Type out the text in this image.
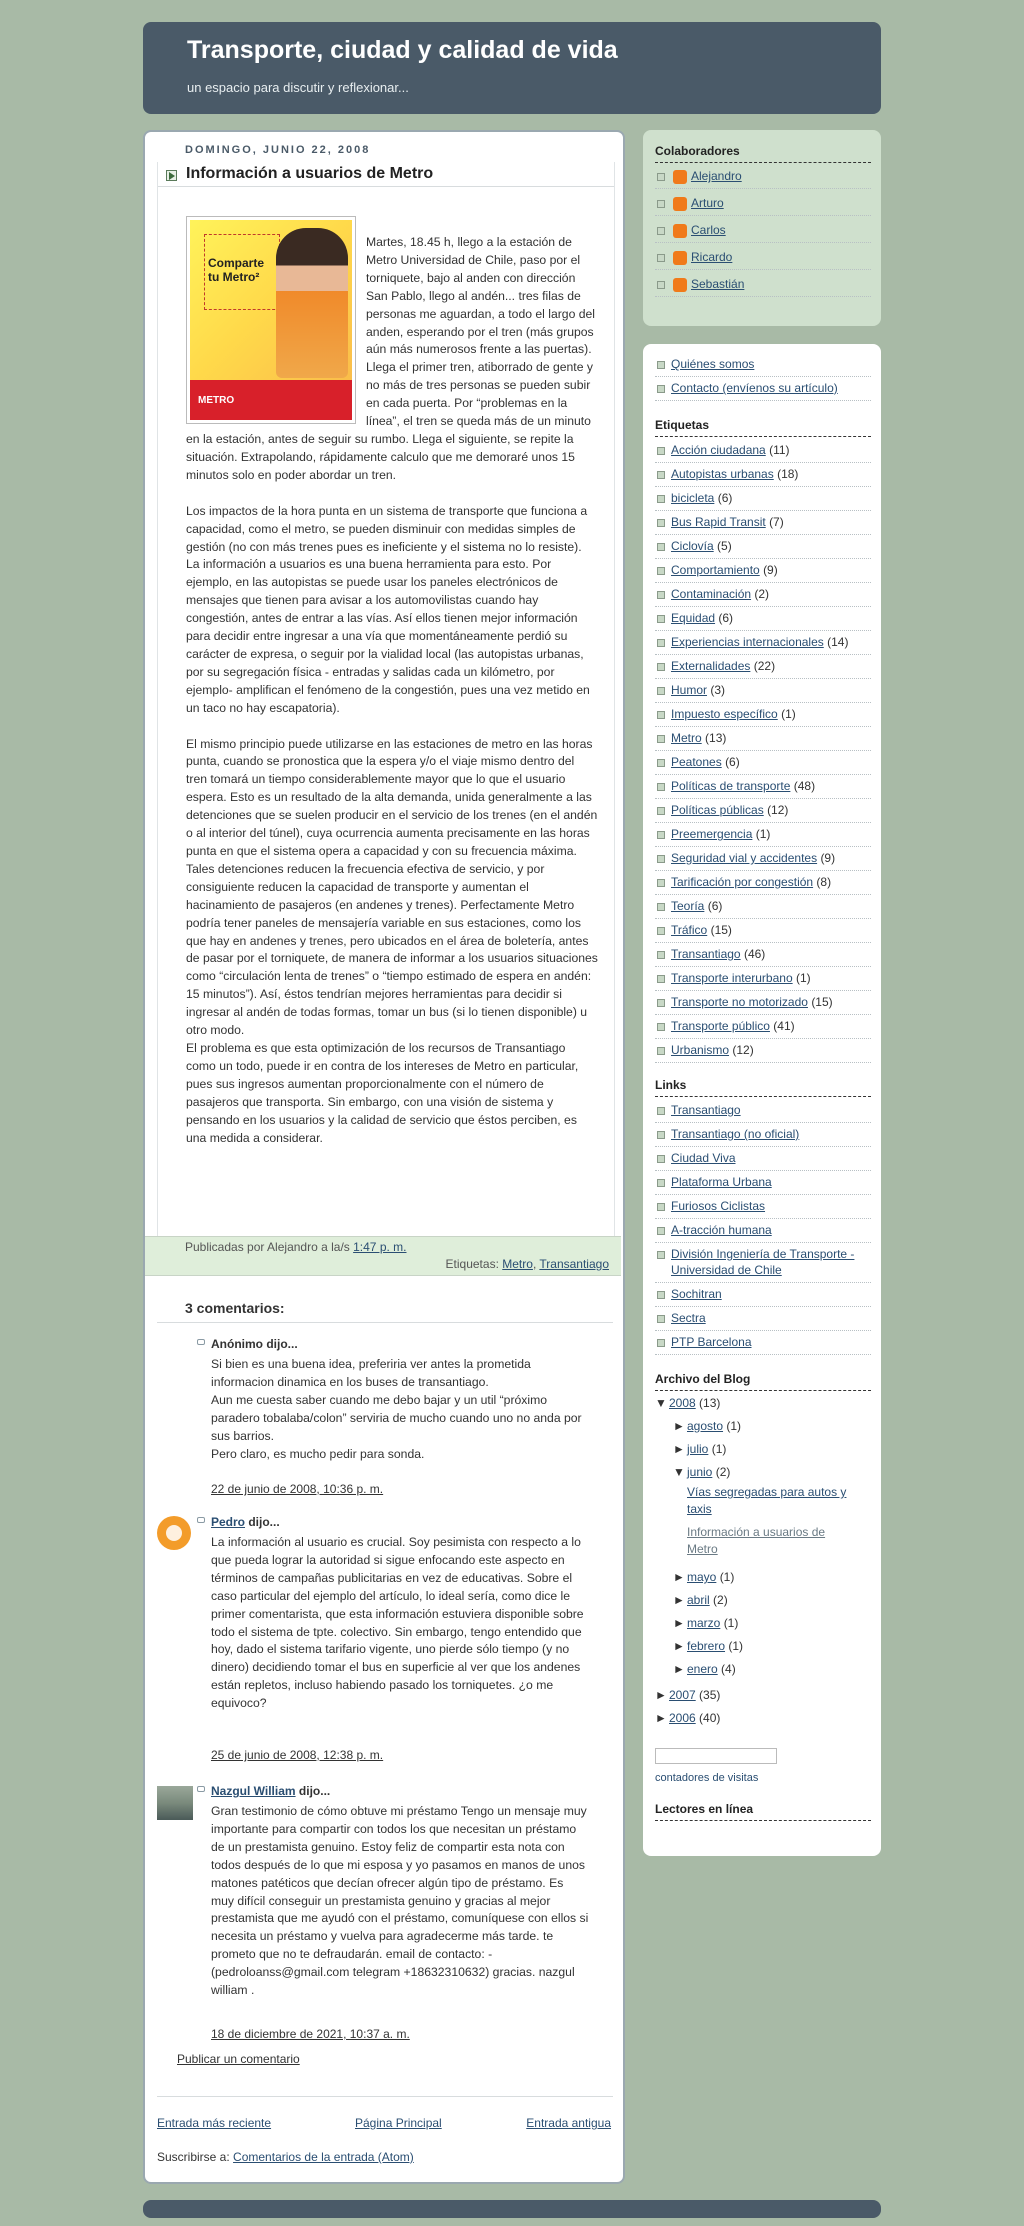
Transporte, ciudad y calidad de vida
un espacio para discutir y reflexionar...
DOMINGO, JUNIO 22, 2008
Información a usuarios de Metro
Comparte
tu Metro²
METRO

Martes, 18.45 h, llego a la estación de Metro Universidad de Chile, paso por el torniquete, bajo al anden con dirección San Pablo, llego al andén... tres filas de personas me aguardan, a todo el largo del anden, esperando por el tren (más grupos aún más numerosos frente a las puertas). Llega el primer tren, atiborrado de gente y no más de tres personas se pueden subir en cada puerta. Por “problemas en la línea”, el tren se queda más de un minuto en la estación, antes de seguir su rumbo. Llega el siguiente, se repite la situación. Extrapolando, rápidamente calculo que me demoraré unos 15 minutos solo en poder abordar un tren.

Los impactos de la hora punta en un sistema de transporte que funciona a capacidad, como el metro, se pueden disminuir con medidas simples de gestión (no con más trenes pues es ineficiente y el sistema no lo resiste). La información a usuarios es una buena herramienta para esto. Por ejemplo, en las autopistas se puede usar los paneles electrónicos de mensajes que tienen para avisar a los automovilistas cuando hay congestión, antes de entrar a las vías. Así ellos tienen mejor información para decidir entre ingresar a una vía que momentáneamente perdió su carácter de expresa, o seguir por la vialidad local (las autopistas urbanas, por su segregación física - entradas y salidas cada un kilómetro, por ejemplo- amplifican el fenómeno de la congestión, pues una vez metido en un taco no hay escapatoria).

El mismo principio puede utilizarse en las estaciones de metro en las horas punta, cuando se pronostica que la espera y/o el viaje mismo dentro del tren tomará un tiempo considerablemente mayor que lo que el usuario espera. Esto es un resultado de la alta demanda, unida generalmente a las detenciones que se suelen producir en el servicio de los trenes (en el andén o al interior del túnel), cuya ocurrencia aumenta precisamente en las horas punta en que el sistema opera a capacidad y con su frecuencia máxima. Tales detenciones reducen la frecuencia efectiva de servicio, y por consiguiente reducen la capacidad de transporte y aumentan el hacinamiento de pasajeros (en andenes y trenes). Perfectamente Metro podría tener paneles de mensajería variable en sus estaciones, como los que hay en andenes y trenes, pero ubicados en el área de boletería, antes de pasar por el torniquete, de manera de informar a los usuarios situaciones como “circulación lenta de trenes” o “tiempo estimado de espera en andén: 15 minutos”). Así, éstos tendrían mejores herramientas para decidir si ingresar al andén de todas formas, tomar un bus (si lo tienen disponible) u otro modo.

El problema es que esta optimización de los recursos de Transantiago como un todo, puede ir en contra de los intereses de Metro en particular, pues sus ingresos aumentan proporcionalmente con el número de pasajeros que transporta. Sin embargo, con una visión de sistema y pensando en los usuarios y la calidad de servicio que éstos perciben, es una medida a considerar.

Publicadas por Alejandro a la/s 1:47 p. m.
Etiquetas: Metro, Transantiago
3 comentarios:
Anónimo dijo...
Si bien es una buena idea, preferiria ver antes la prometida informacion dinamica en los buses de transantiago.
Aun me cuesta saber cuando me debo bajar y un util “próximo paradero tobalaba/colon” serviria de mucho cuando uno no anda por sus barrios.
Pero claro, es mucho pedir para sonda.
22 de junio de 2008, 10:36 p. m.
Pedro dijo...
La información al usuario es crucial. Soy pesimista con respecto a lo que pueda lograr la autoridad si sigue enfocando este aspecto en términos de campañas publicitarias en vez de educativas. Sobre el caso particular del ejemplo del artículo, lo ideal sería, como dice le primer comentarista, que esta información estuviera disponible sobre todo el sistema de tpte. colectivo. Sin embargo, tengo entendido que hoy, dado el sistema tarifario vigente, uno pierde sólo tiempo (y no dinero) decidiendo tomar el bus en superficie al ver que los andenes están repletos, incluso habiendo pasado los torniquetes. ¿o me equivoco?
25 de junio de 2008, 12:38 p. m.
Nazgul William dijo...
Gran testimonio de cómo obtuve mi préstamo Tengo un mensaje muy importante para compartir con todos los que necesitan un préstamo de un prestamista genuino. Estoy feliz de compartir esta nota con todos después de lo que mi esposa y yo pasamos en manos de unos matones patéticos que decían ofrecer algún tipo de préstamo. Es muy difícil conseguir un prestamista genuino y gracias al mejor prestamista que me ayudó con el préstamo, comuníquese con ellos si necesita un préstamo y vuelva para agradecerme más tarde. te prometo que no te defraudarán. email de contacto: - (pedroloanss@gmail.com telegram +18632310632) gracias. nazgul william .
18 de diciembre de 2021, 10:37 a. m.
Publicar un comentario
Entrada más reciente	Página Principal	Entrada antigua
Suscribirse a: Comentarios de la entrada (Atom)
Colaboradores
Alejandro
Arturo
Carlos
Ricardo
Sebastián
Quiénes somos
Contacto (envíenos su artículo)
Etiquetas
Acción ciudadana (11)
Autopistas urbanas (18)
bicicleta (6)
Bus Rapid Transit (7)
Ciclovía (5)
Comportamiento (9)
Contaminación (2)
Equidad (6)
Experiencias internacionales (14)
Externalidades (22)
Humor (3)
Impuesto específico (1)
Metro (13)
Peatones (6)
Políticas de transporte (48)
Políticas públicas (12)
Preemergencia (1)
Seguridad vial y accidentes (9)
Tarificación por congestión (8)
Teoría (6)
Tráfico (15)
Transantiago (46)
Transporte interurbano (1)
Transporte no motorizado (15)
Transporte público (41)
Urbanismo (12)
Links
Transantiago
Transantiago (no oficial)
Ciudad Viva
Plataforma Urbana
Furiosos Ciclistas
A-tracción humana
División Ingeniería de Transporte - Universidad de Chile
Sochitran
Sectra
PTP Barcelona
Archivo del Blog
▼ 2008 (13)
► agosto (1)
► julio (1)
▼ junio (2)
Vías segregadas para autos y taxis
Información a usuarios de Metro
► mayo (1)
► abril (2)
► marzo (1)
► febrero (1)
► enero (4)
► 2007 (35)
► 2006 (40)
contadores de visitas
Lectores en línea
